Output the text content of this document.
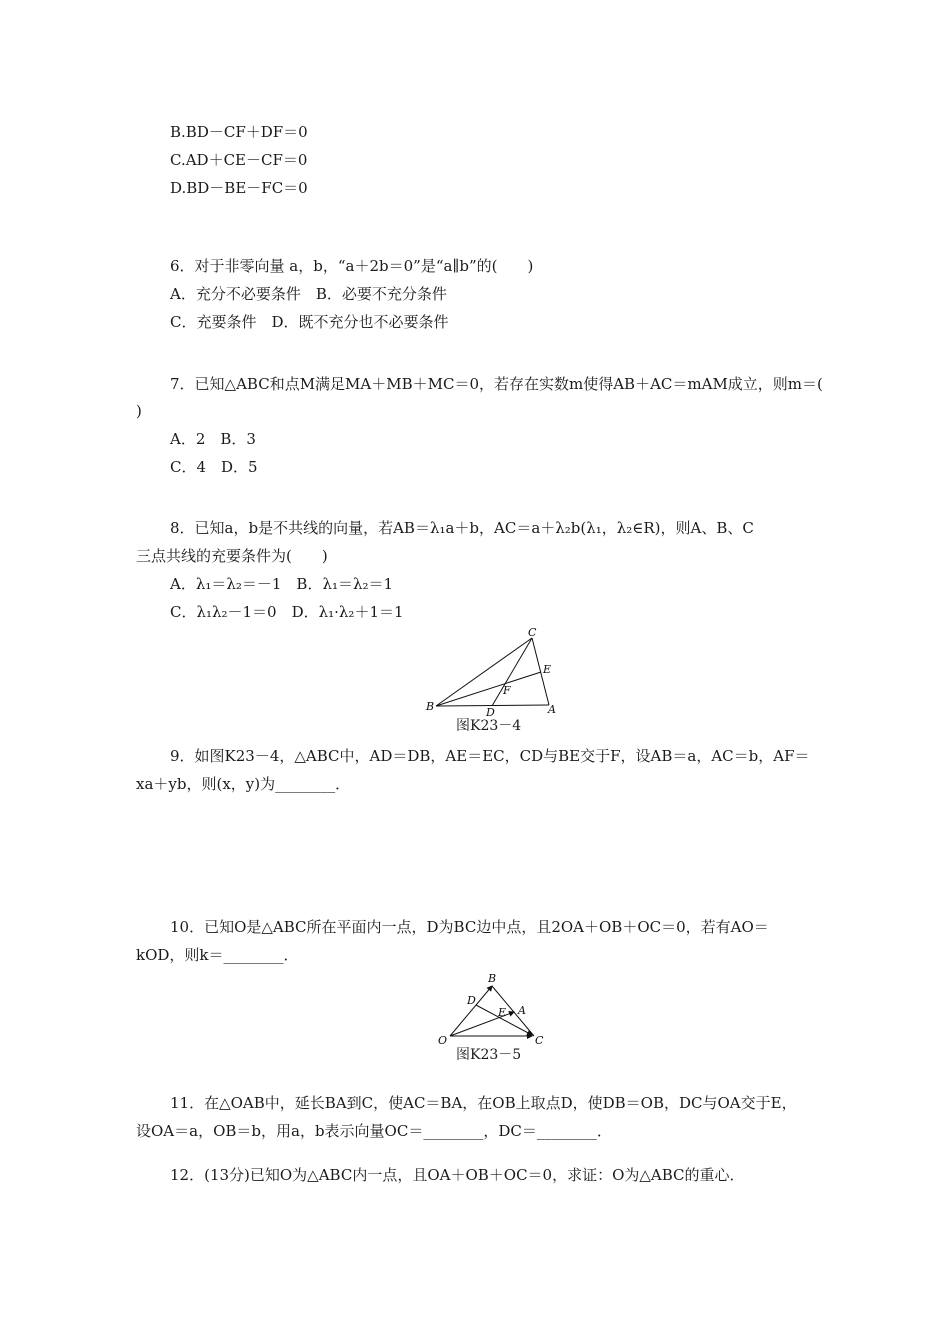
B.BD－CF＋DF＝0
C.AD＋CE－CF＝0
D.BD－BE－FC＝0
6．对于非零向量 a，b，“a＋2b＝0”是“a∥b”的(　　)
A．充分不必要条件　B．必要不充分条件
C．充要条件　D．既不充分也不必要条件
7．已知△ABC和点M满足MA＋MB＋MC＝0，若存在实数m使得AB＋AC＝mAM成立，则m＝(
)
A．2　B．3
C．4　D．5
8．已知a，b是不共线的向量，若AB＝λ₁a＋b，AC＝a＋λ₂b(λ₁，λ₂∈R)，则A、B、C
三点共线的充要条件为(　　)
A．λ₁＝λ₂＝－1　B．λ₁＝λ₂＝1
C．λ₁λ₂－1＝0　D．λ₁·λ₂＋1＝1
C
E
F
B	D	A
图K23－4
9．如图K23－4，△ABC中，AD＝DB，AE＝EC，CD与BE交于F，设AB＝a，AC＝b，AF＝
xa＋yb，则(x，y)为________．
10．已知O是△ABC所在平面内一点，D为BC边中点，且2OA＋OB＋OC＝0，若有AO＝
kOD，则k＝________．
B
D
E A
O	C
图K23－5
11．在△OAB中，延长BA到C，使AC＝BA，在OB上取点D，使DB＝OB，DC与OA交于E，
设OA＝a，OB＝b，用a，b表示向量OC＝________，DC＝________．
12．(13分)已知O为△ABC内一点，且OA＋OB＋OC＝0，求证：O为△ABC的重心．
